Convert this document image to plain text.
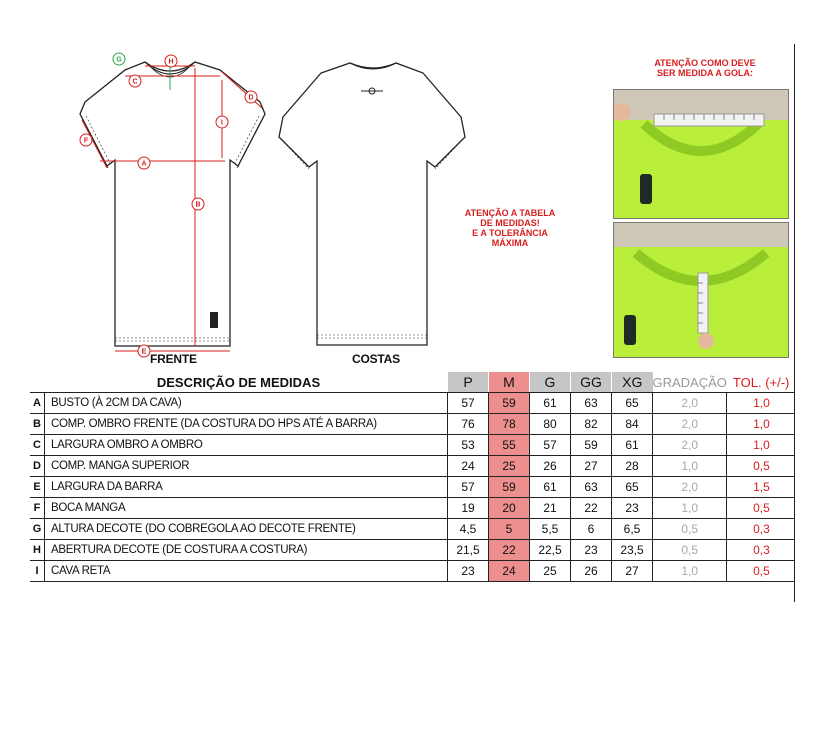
G	H
C
D
I
F
A
B
E FRENTE	COSTAS
ATENÇÃO A TABELA
DE MEDIDAS!
E A TOLERÂNCIA MÁXIMA
ATENÇÃO COMO DEVE
SER MEDIDA A GOLA:
DESCRIÇÃO DE MEDIDAS		P	M	G	GG	XG	GRADAÇÃO	TOL. (+/-)
A	BUSTO (À 2CM DA CAVA)	57	59	61	63	65	2,0	1,0
B	COMP. OMBRO FRENTE (DA COSTURA DO HPS ATÉ A BARRA)	76	78	80	82	84	2,0	1,0
C	LARGURA OMBRO A OMBRO	53	55	57	59	61	2,0	1,0
D	COMP. MANGA SUPERIOR	24	25	26	27	28	1,0	0,5
E	LARGURA DA BARRA	57	59	61	63	65	2,0	1,5
F	BOCA MANGA	19	20	21	22	23	1,0	0,5
G	ALTURA DECOTE (DO COBREGOLA AO DECOTE FRENTE)	4,5	5	5,5	6	6,5	0,5	0,3
H	ABERTURA DECOTE (DE COSTURA A COSTURA)	21,5	22	22,5	23	23,5	0,5	0,3
I	CAVA RETA	23	24	25	26	27	1,0	0,5
